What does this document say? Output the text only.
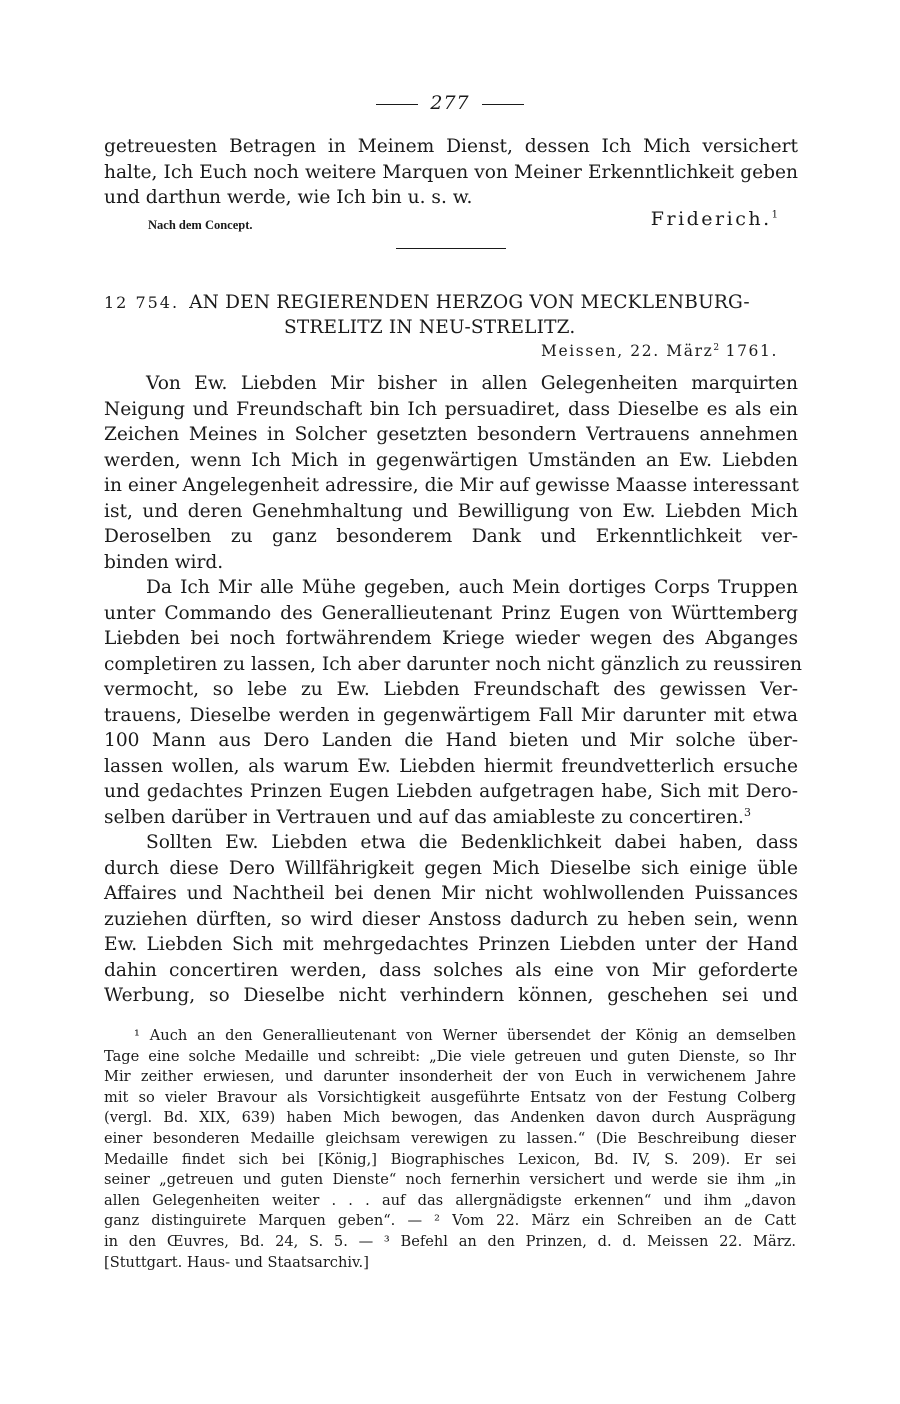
277
getreuesten Betragen in Meinem Dienst, dessen Ich Mich versichert
halte, Ich Euch noch weitere Marquen von Meiner Erkenntlichkeit geben
und darthun werde, wie Ich bin u. s. w.
Nach dem Concept.	Friderich.$^1$
12 754. AN DEN REGIERENDEN HERZOG VON MECKLENBURG-
STRELITZ IN NEU-STRELITZ.
Meissen, 22. März$^2$ 1761.
Von Ew. Liebden Mir bisher in allen Gelegenheiten marquirten
Neigung und Freundschaft bin Ich persuadiret, dass Dieselbe es als ein
Zeichen Meines in Solcher gesetzten besondern Vertrauens annehmen
werden, wenn Ich Mich in gegenwärtigen Umständen an Ew. Liebden
in einer Angelegenheit adressire, die Mir auf gewisse Maasse interessant
ist, und deren Genehmhaltung und Bewilligung von Ew. Liebden Mich
Deroselben zu ganz besonderem Dank und Erkenntlichkeit ver-
binden wird.
Da Ich Mir alle Mühe gegeben, auch Mein dortiges Corps Truppen
unter Commando des Generallieutenant Prinz Eugen von Württemberg
Liebden bei noch fortwährendem Kriege wieder wegen des Abganges
completiren zu lassen, Ich aber darunter noch nicht gänzlich zu reussiren
vermocht, so lebe zu Ew. Liebden Freundschaft des gewissen Ver-
trauens, Dieselbe werden in gegenwärtigem Fall Mir darunter mit etwa
100 Mann aus Dero Landen die Hand bieten und Mir solche über-
lassen wollen, als warum Ew. Liebden hiermit freundvetterlich ersuche
und gedachtes Prinzen Eugen Liebden aufgetragen habe, Sich mit Dero-
selben darüber in Vertrauen und auf das amiableste zu concertiren.$^3$
Sollten Ew. Liebden etwa die Bedenklichkeit dabei haben, dass
durch diese Dero Willfährigkeit gegen Mich Dieselbe sich einige üble
Affaires und Nachtheil bei denen Mir nicht wohlwollenden Puissances
zuziehen dürften, so wird dieser Anstoss dadurch zu heben sein, wenn
Ew. Liebden Sich mit mehrgedachtes Prinzen Liebden unter der Hand
dahin concertiren werden, dass solches als eine von Mir geforderte
Werbung, so Dieselbe nicht verhindern können, geschehen sei und
¹ Auch an den Generallieutenant von Werner übersendet der König an demselben
Tage eine solche Medaille und schreibt: „Die viele getreuen und guten Dienste, so Ihr
Mir zeither erwiesen, und darunter insonderheit der von Euch in verwichenem Jahre
mit so vieler Bravour als Vorsichtigkeit ausgeführte Entsatz von der Festung Colberg
(vergl. Bd. XIX, 639) haben Mich bewogen, das Andenken davon durch Ausprägung
einer besonderen Medaille gleichsam verewigen zu lassen.“ (Die Beschreibung dieser
Medaille findet sich bei [König,] Biographisches Lexicon, Bd. IV, S. 209). Er sei
seiner „getreuen und guten Dienste“ noch fernerhin versichert und werde sie ihm „in
allen Gelegenheiten weiter . . . auf das allergnädigste erkennen“ und ihm „davon
ganz distinguirete Marquen geben“. — ² Vom 22. März ein Schreiben an de Catt
in den Œuvres, Bd. 24, S. 5. — ³ Befehl an den Prinzen, d. d. Meissen 22. März.
[Stuttgart. Haus- und Staatsarchiv.]
